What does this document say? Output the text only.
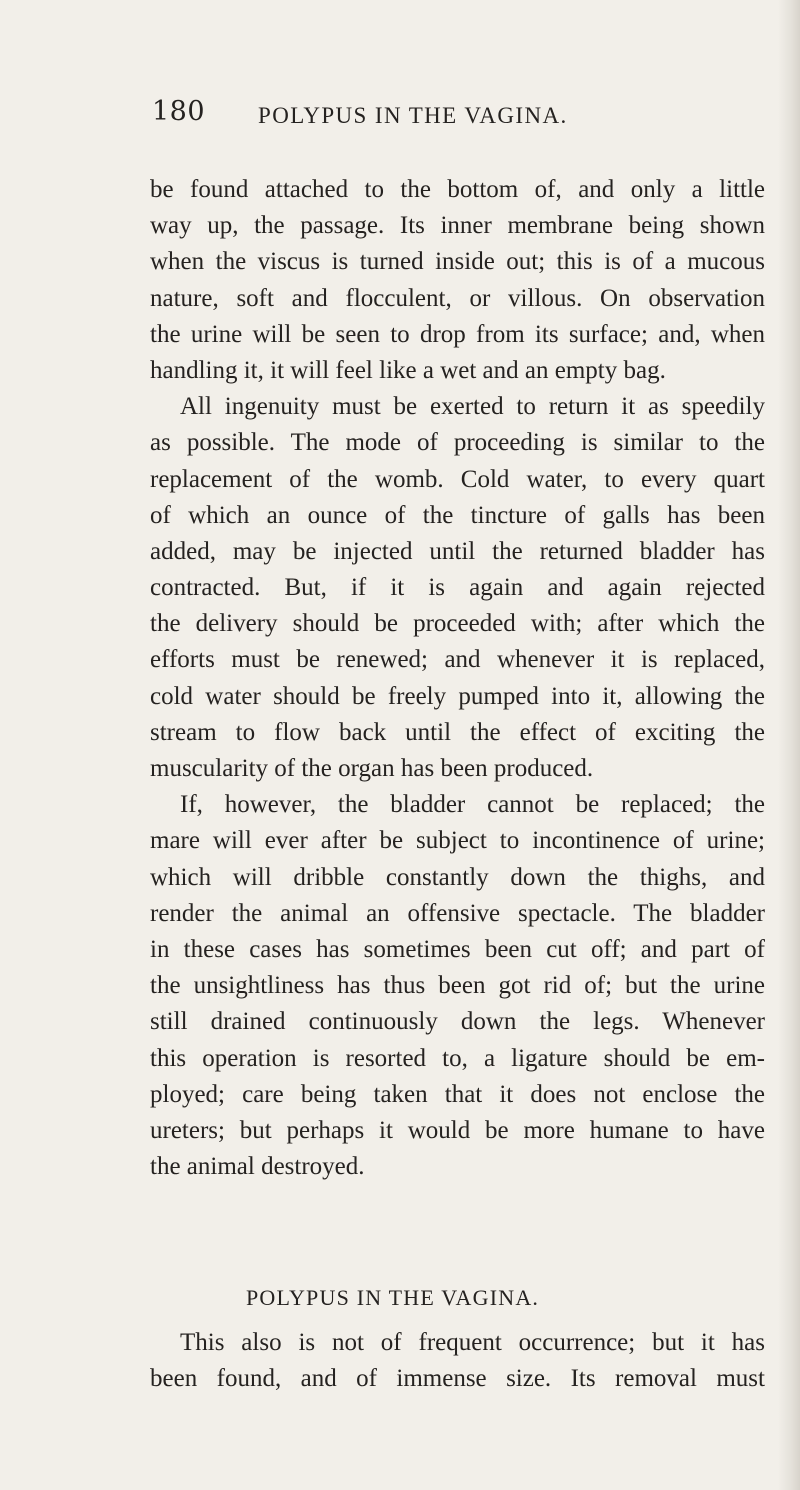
180 POLYPUS IN THE VAGINA.
be found attached to the bottom of, and only a little
way up, the passage. Its inner membrane being shown
when the viscus is turned inside out; this is of a mucous
nature, soft and flocculent, or villous. On observation
the urine will be seen to drop from its surface; and, when
handling it, it will feel like a wet and an empty bag.
All ingenuity must be exerted to return it as speedily
as possible. The mode of proceeding is similar to the
replacement of the womb. Cold water, to every quart
of which an ounce of the tincture of galls has been
added, may be injected until the returned bladder has
contracted. But, if it is again and again rejected
the delivery should be proceeded with; after which the
efforts must be renewed; and whenever it is replaced,
cold water should be freely pumped into it, allowing the
stream to flow back until the effect of exciting the
muscularity of the organ has been produced.
If, however, the bladder cannot be replaced; the
mare will ever after be subject to incontinence of urine;
which will dribble constantly down the thighs, and
render the animal an offensive spectacle. The bladder
in these cases has sometimes been cut off; and part of
the unsightliness has thus been got rid of; but the urine
still drained continuously down the legs. Whenever
this operation is resorted to, a ligature should be em-
ployed; care being taken that it does not enclose the
ureters; but perhaps it would be more humane to have
the animal destroyed.
POLYPUS IN THE VAGINA.
This also is not of frequent occurrence; but it has
been found, and of immense size. Its removal must
